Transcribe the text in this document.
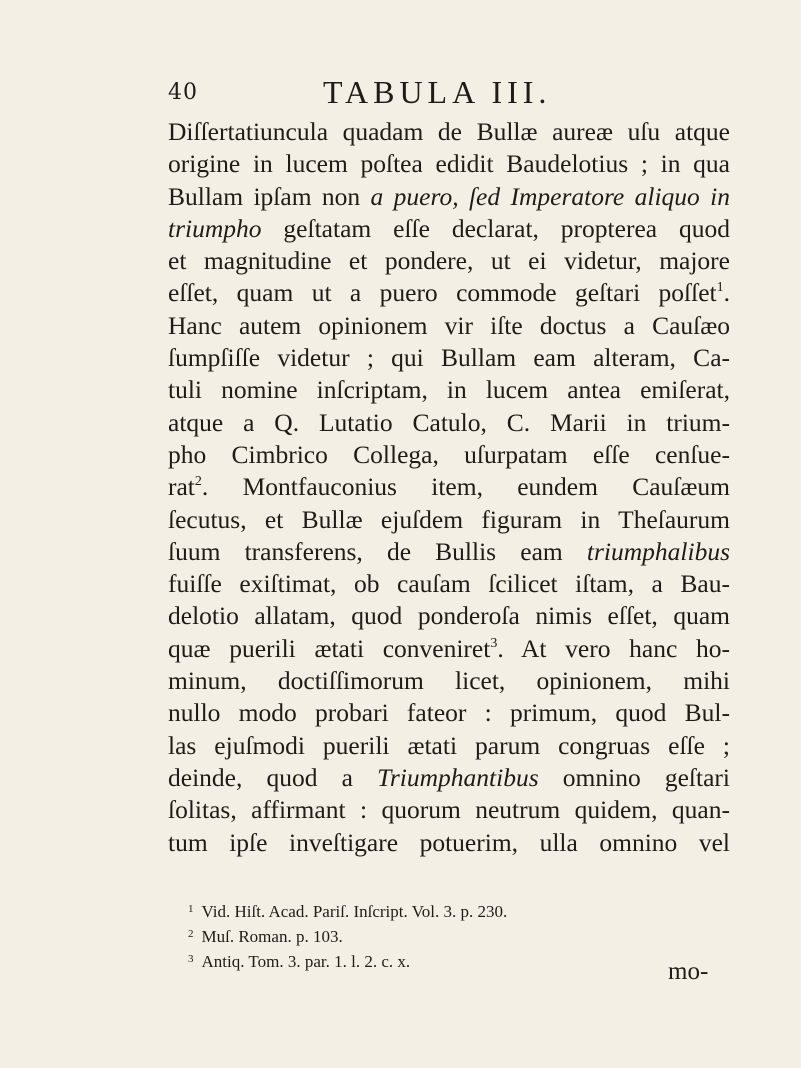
40	TABULA III.
Diſſertatiuncula quadam de Bullæ aureæ uſu atque
origine in lucem poſtea edidit Baudelotius ; in qua
Bullam ipſam non a puero, ſed Imperatore aliquo in
triumpho geſtatam eſſe declarat, propterea quod
et magnitudine et pondere, ut ei videtur, majore
eſſet, quam ut a puero commode geſtari poſſet$^1$.
Hanc autem opinionem vir iſte doctus a Cauſæo
ſumpſiſſe videtur ; qui Bullam eam alteram, Ca-
tuli nomine inſcriptam, in lucem antea emiſerat,
atque a Q. Lutatio Catulo, C. Marii in trium-
pho Cimbrico Collega, uſurpatam eſſe cenſue-
rat$^2$. Montfauconius item, eundem Cauſæum
ſecutus, et Bullæ ejuſdem figuram in Theſaurum
ſuum transferens, de Bullis eam triumphalibus
fuiſſe exiſtimat, ob cauſam ſcilicet iſtam, a Bau-
delotio allatam, quod ponderoſa nimis eſſet, quam
quæ puerili ætati conveniret$^3$. At vero hanc ho-
minum, doctiſſimorum licet, opinionem, mihi
nullo modo probari fateor : primum, quod Bul-
las ejuſmodi puerili ætati parum congruas eſſe ;
deinde, quod a Triumphantibus omnino geſtari
ſolitas, affirmant : quorum neutrum quidem, quan-
tum ipſe inveſtigare potuerim, ulla omnino vel
$^1$ Vid. Hiſt. Acad. Pariſ. Inſcript. Vol. 3. p. 230.
$^2$ Muſ. Roman. p. 103.
$^3$ Antiq. Tom. 3. par. 1. l. 2. c. x.	mo-
